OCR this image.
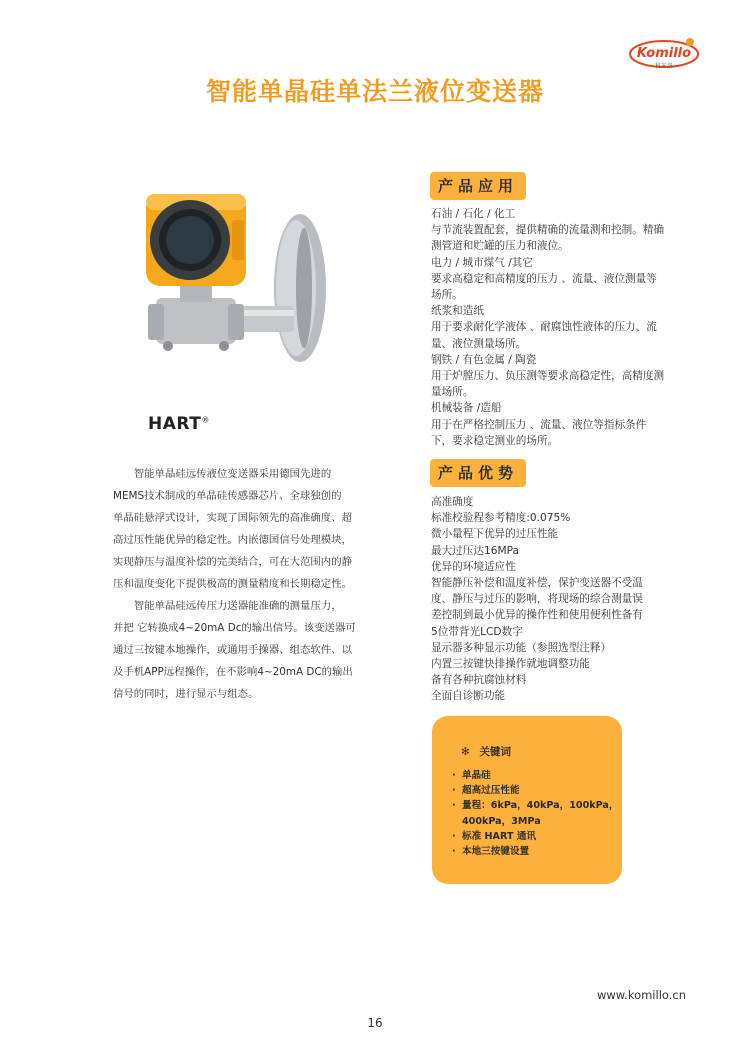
Komillo
科米洛
智能单晶硅单法兰液位变送器
HART®
产品应用

石油 / 石化 / 化工

与节流装置配套，提供精确的流量测和控制。精确

测管道和贮罐的压力和液位。

电力 / 城市煤气 /其它

要求高稳定和高精度的压力 、流量、液位测量等

场所。

纸浆和造纸

用于要求耐化学液体 、耐腐蚀性液体的压力、流

量、液位测量场所。

钢铁 / 有色金属 / 陶瓷

用于炉膛压力、负压测等要求高稳定性，高精度测

量场所。

机械装备 /造船

用于在严格控制压力 、流量、液位等指标条件

下，要求稳定测业的场所。

产品优势

高准确度

标准校验程参考精度:0.075%

微小量程下优异的过压性能

最大过压达16MPa

优异的环境适应性

智能静压补偿和温度补偿，保护变送器不受温

度、静压与过压的影响，将现场的综合测量误

差控制到最小优异的操作性和使用便利性备有

5位带背光LCD数字

显示器多种显示功能（参照选型注释）

内置三按键快排操作就地调整功能

备有各种抗腐蚀材料

全面自诊断功能

智能单晶硅远传液位变送器采用德国先进的

MEMS技术制成的单晶硅传感器芯片、全球独创的

单晶硅悬浮式设计，实现了国际领先的高准确度、超

高过压性能优异的稳定性。内嵌德国信号处理模块，

实现静压与温度补偿的完美结合，可在大范围内的静

压和温度变化下提供极高的测量精度和长期稳定性。

智能单晶硅远传压力送器能准确的测量压力，

并把 它转换成4~20mA Dc的输出信号。该变送器可

通过三按键本地操作，或通用手操器、组态软件、以

及手机APP远程操作，在不影响4~20mA DC的输出

信号的同时，进行显示与组态。

✻ 关键词
· 单晶硅
· 超高过压性能
· 量程：6kPa，40kPa，100kPa，
400kPa，3MPa
· 标准 HART 通讯
· 本地三按键设置
www.komillo.cn
16
